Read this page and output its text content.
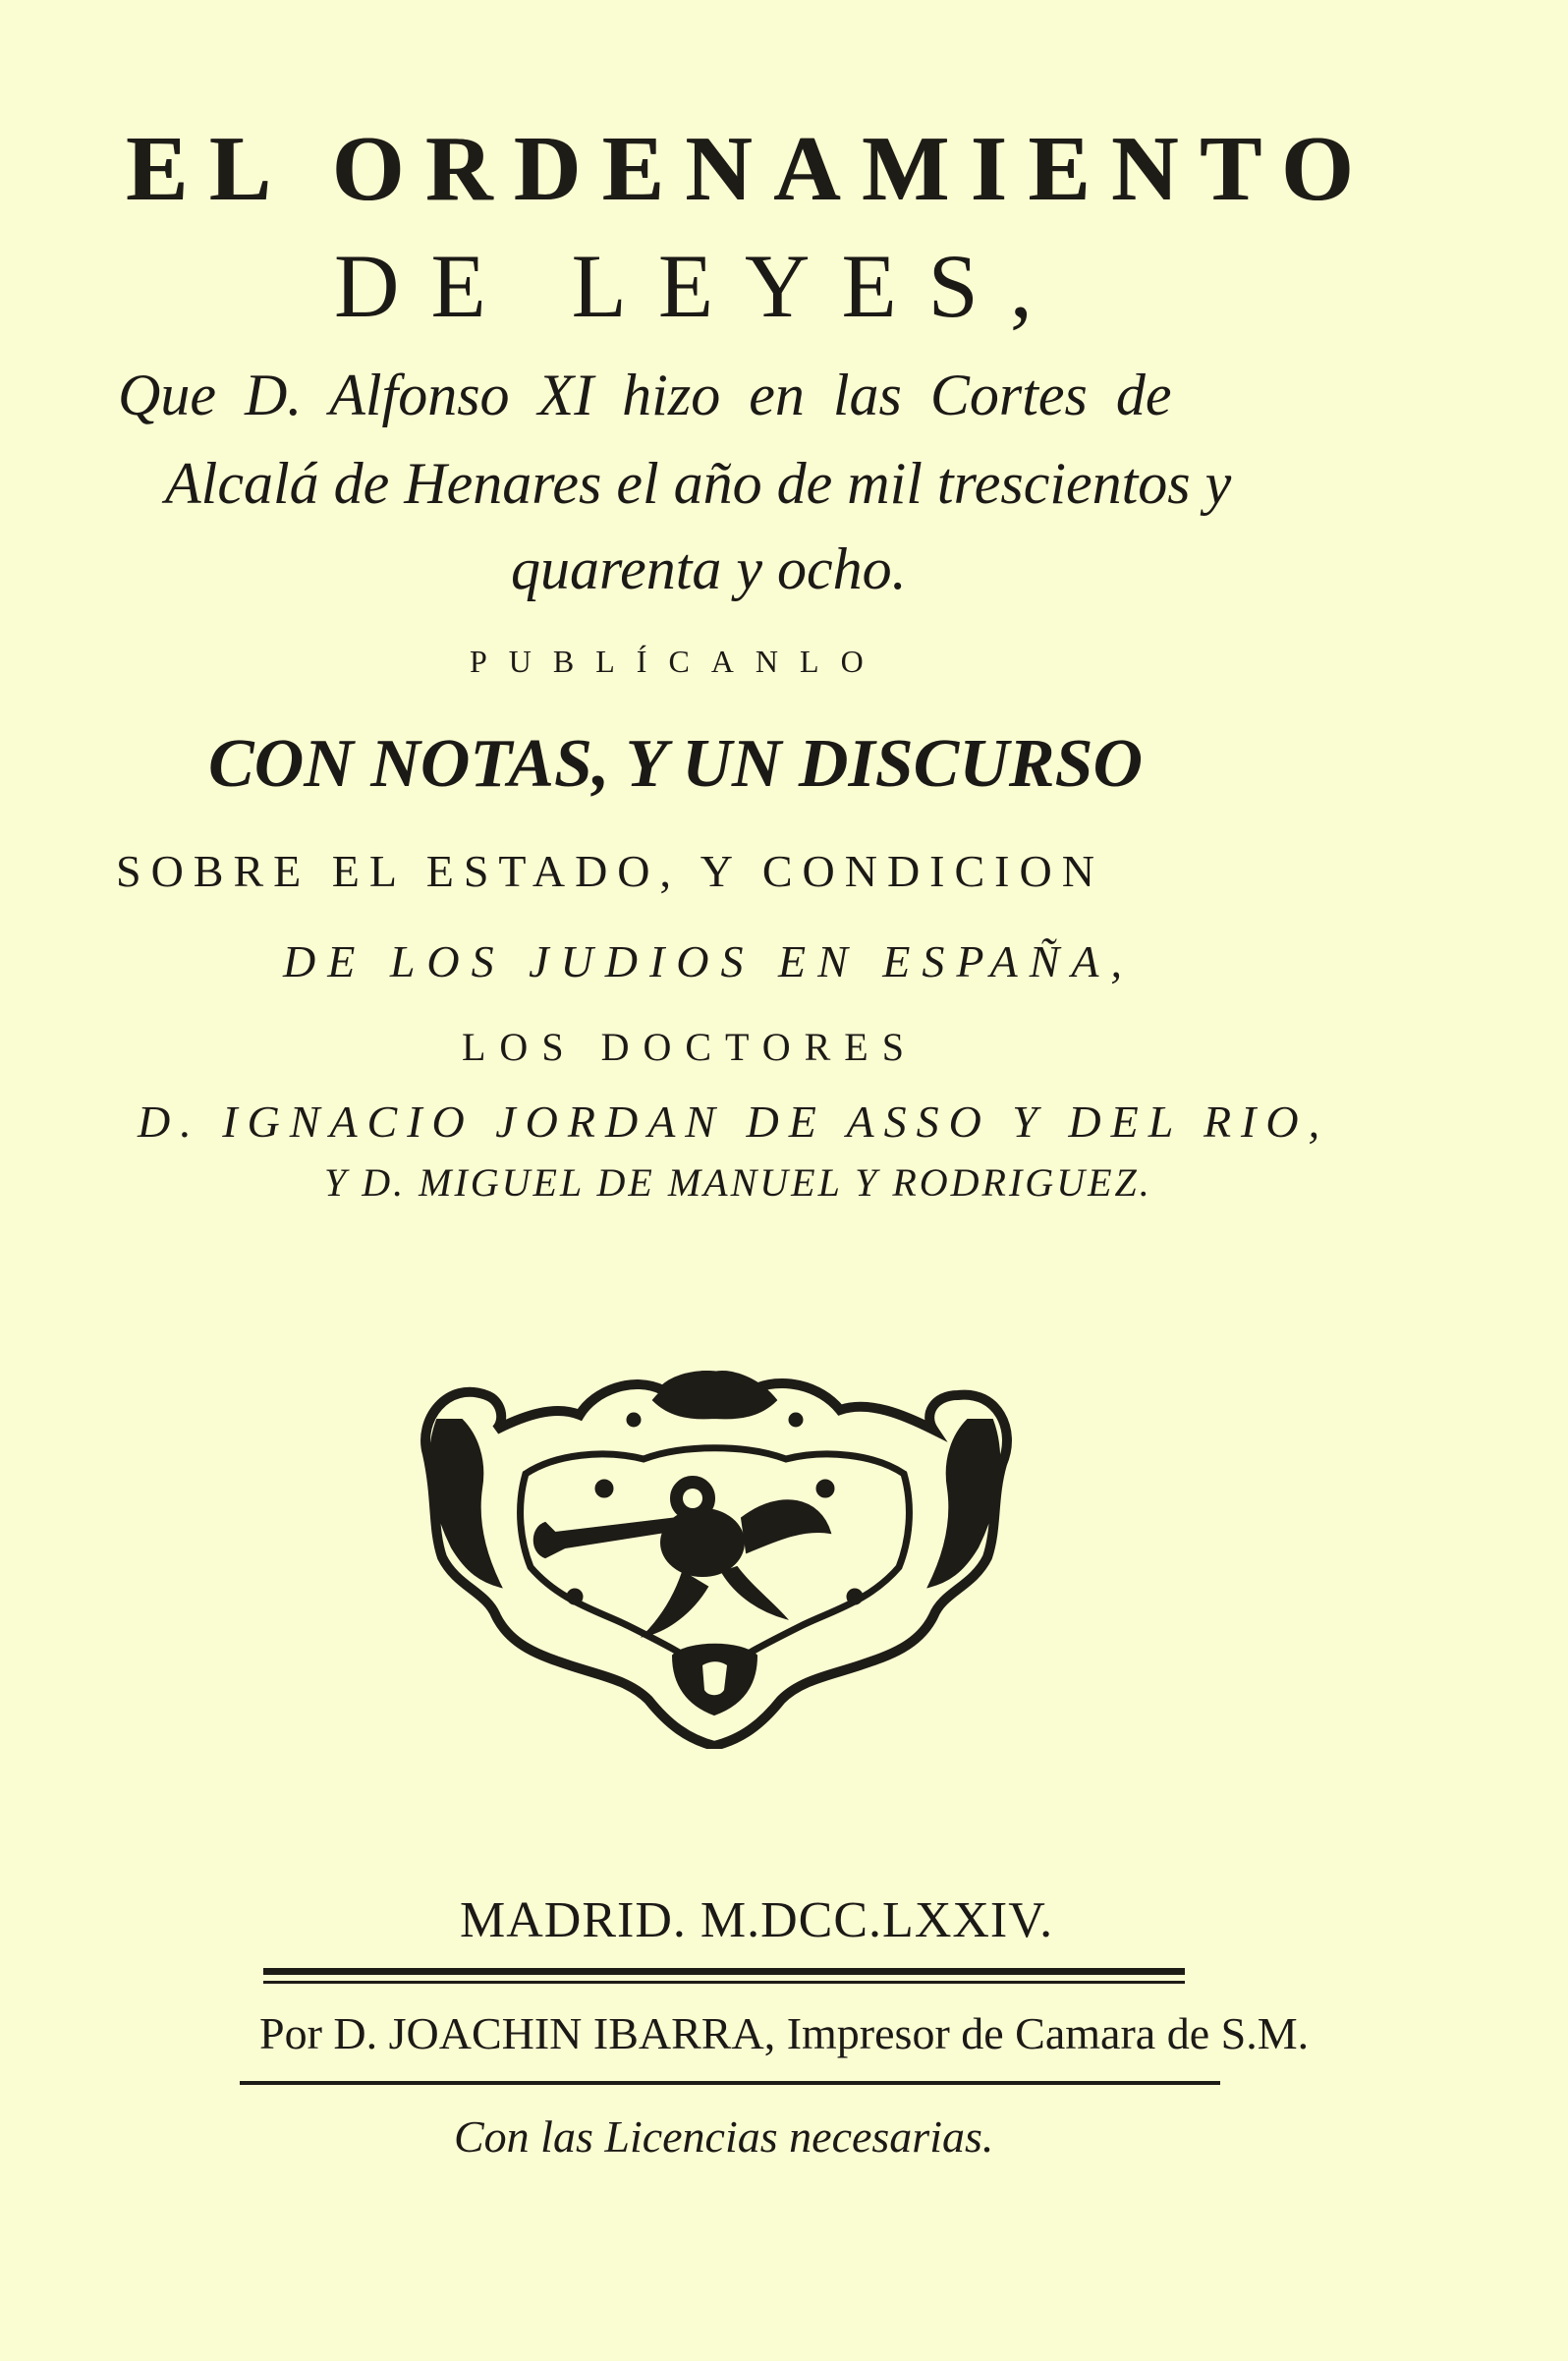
EL ORDENAMIENTO
DE LEYES,
Que D. Alfonso XI hizo en las Cortes de
Alcalá de Henares el año de mil trescientos y
quarenta y ocho.
PUBLÍCANLO
CON NOTAS, Y UN DISCURSO
SOBRE EL ESTADO, Y CONDICION
DE LOS JUDIOS EN ESPAÑA,
LOS DOCTORES
D. IGNACIO JORDAN DE ASSO Y DEL RIO,
Y D. MIGUEL DE MANUEL Y RODRIGUEZ.
MADRID. M.DCC.LXXIV.
Por D. JOACHIN IBARRA, Impresor de Camara de S.M.
Con las Licencias necesarias.
